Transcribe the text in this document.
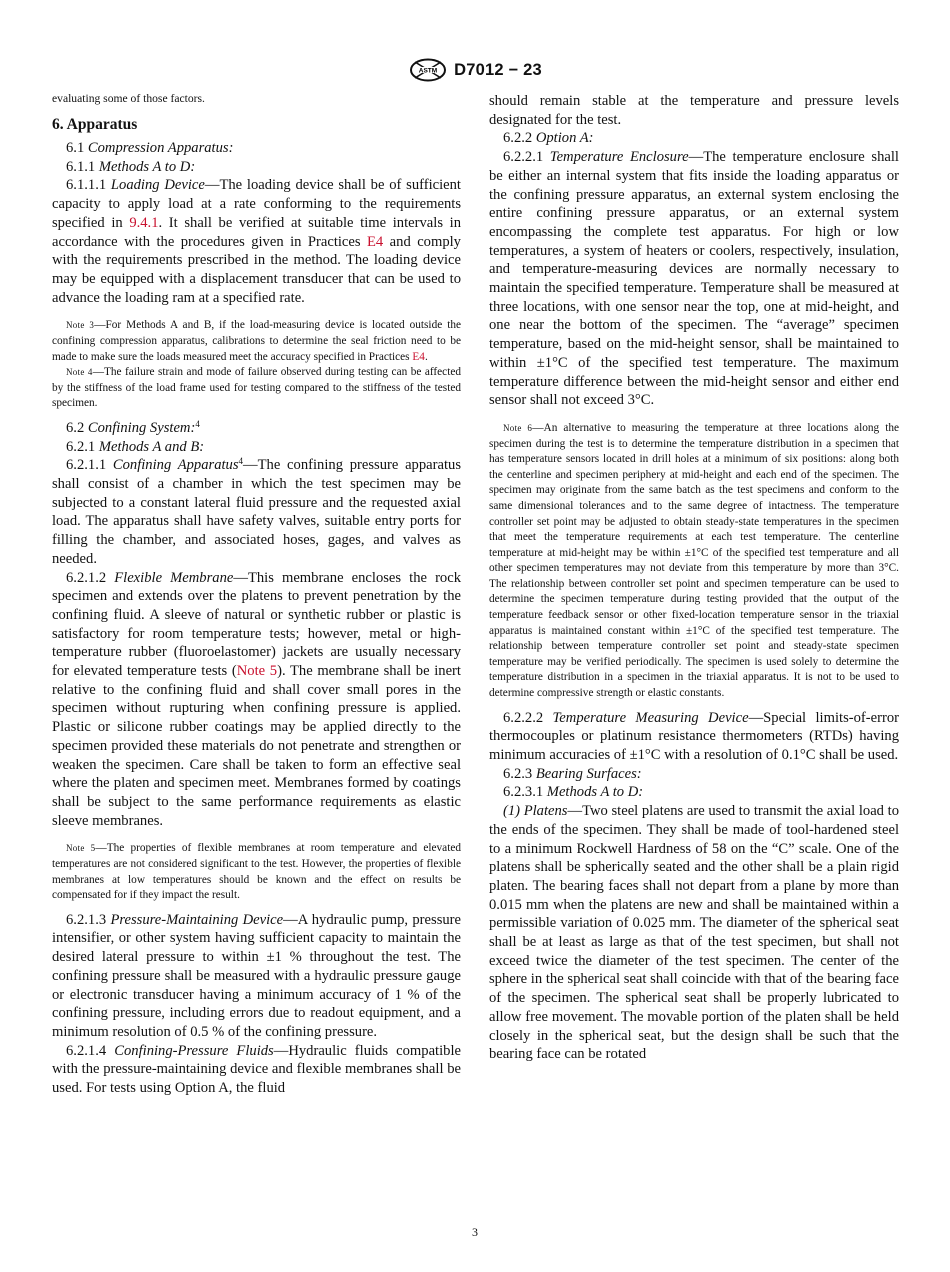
ASTM D7012 − 23

evaluating some of those factors.

6. Apparatus

6.1 Compression Apparatus:

6.1.1 Methods A to D:

6.1.1.1 Loading Device—The loading device shall be of sufficient capacity to apply load at a rate conforming to the requirements specified in 9.4.1. It shall be verified at suitable time intervals in accordance with the procedures given in Practices E4 and comply with the requirements prescribed in the method. The loading device may be equipped with a displacement transducer that can be used to advance the loading ram at a specified rate.

Note 3—For Methods A and B, if the load-measuring device is located outside the confining compression apparatus, calibrations to determine the seal friction need to be made to make sure the loads measured meet the accuracy specified in Practices E4.

Note 4—The failure strain and mode of failure observed during testing can be affected by the stiffness of the load frame used for testing compared to the stiffness of the tested specimen.

6.2 Confining System:$^4$

6.2.1 Methods A and B:

6.2.1.1 Confining Apparatus$^4$—The confining pressure apparatus shall consist of a chamber in which the test specimen may be subjected to a constant lateral fluid pressure and the requested axial load. The apparatus shall have safety valves, suitable entry ports for filling the chamber, and associated hoses, gages, and valves as needed.

6.2.1.2 Flexible Membrane—This membrane encloses the rock specimen and extends over the platens to prevent penetration by the confining fluid. A sleeve of natural or synthetic rubber or plastic is satisfactory for room temperature tests; however, metal or high-temperature rubber (fluoroelastomer) jackets are usually necessary for elevated temperature tests (Note 5). The membrane shall be inert relative to the confining fluid and shall cover small pores in the specimen without rupturing when confining pressure is applied. Plastic or silicone rubber coatings may be applied directly to the specimen provided these materials do not penetrate and strengthen or weaken the specimen. Care shall be taken to form an effective seal where the platen and specimen meet. Membranes formed by coatings shall be subject to the same performance requirements as elastic sleeve membranes.

Note 5—The properties of flexible membranes at room temperature and elevated temperatures are not considered significant to the test. However, the properties of flexible membranes at low temperatures should be known and the effect on results be compensated for if they impact the result.

6.2.1.3 Pressure-Maintaining Device—A hydraulic pump, pressure intensifier, or other system having sufficient capacity to maintain the desired lateral pressure to within ±1 % throughout the test. The confining pressure shall be measured with a hydraulic pressure gauge or electronic transducer having a minimum accuracy of 1 % of the confining pressure, including errors due to readout equipment, and a minimum resolution of 0.5 % of the confining pressure.

6.2.1.4 Confining-Pressure Fluids—Hydraulic fluids compatible with the pressure-maintaining device and flexible membranes shall be used. For tests using Option A, the fluid

should remain stable at the temperature and pressure levels designated for the test.

6.2.2 Option A:

6.2.2.1 Temperature Enclosure—The temperature enclosure shall be either an internal system that fits inside the loading apparatus or the confining pressure apparatus, an external system enclosing the entire confining pressure apparatus, or an external system encompassing the complete test apparatus. For high or low temperatures, a system of heaters or coolers, respectively, insulation, and temperature-measuring devices are normally necessary to maintain the specified temperature. Temperature shall be measured at three locations, with one sensor near the top, one at mid-height, and one near the bottom of the specimen. The “average” specimen temperature, based on the mid-height sensor, shall be maintained to within ±1°C of the specified test temperature. The maximum temperature difference between the mid-height sensor and either end sensor shall not exceed 3°C.

Note 6—An alternative to measuring the temperature at three locations along the specimen during the test is to determine the temperature distribution in a specimen that has temperature sensors located in drill holes at a minimum of six positions: along both the centerline and specimen periphery at mid-height and each end of the specimen. The specimen may originate from the same batch as the test specimens and conform to the same dimensional tolerances and to the same degree of intactness. The temperature controller set point may be adjusted to obtain steady-state temperatures in the specimen that meet the temperature requirements at each test temperature. The centerline temperature at mid-height may be within ±1°C of the specified test temperature and all other specimen temperatures may not deviate from this temperature by more than 3°C. The relationship between controller set point and specimen temperature can be used to determine the specimen temperature during testing provided that the output of the temperature feedback sensor or other fixed-location temperature sensor in the triaxial apparatus is maintained constant within ±1°C of the specified test temperature. The relationship between temperature controller set point and steady-state specimen temperature may be verified periodically. The specimen is used solely to determine the temperature distribution in a specimen in the triaxial apparatus. It is not to be used to determine compressive strength or elastic constants.

6.2.2.2 Temperature Measuring Device—Special limits-of-error thermocouples or platinum resistance thermometers (RTDs) having minimum accuracies of ±1°C with a resolution of 0.1°C shall be used.

6.2.3 Bearing Surfaces:

6.2.3.1 Methods A to D:

(1) Platens—Two steel platens are used to transmit the axial load to the ends of the specimen. They shall be made of tool-hardened steel to a minimum Rockwell Hardness of 58 on the “C” scale. One of the platens shall be spherically seated and the other shall be a plain rigid platen. The bearing faces shall not depart from a plane by more than 0.015 mm when the platens are new and shall be maintained within a permissible variation of 0.025 mm. The diameter of the spherical seat shall be at least as large as that of the test specimen, but shall not exceed twice the diameter of the test specimen. The center of the sphere in the spherical seat shall coincide with that of the bearing face of the specimen. The spherical seat shall be properly lubricated to allow free movement. The movable portion of the platen shall be held closely in the spherical seat, but the design shall be such that the bearing face can be rotated

3
